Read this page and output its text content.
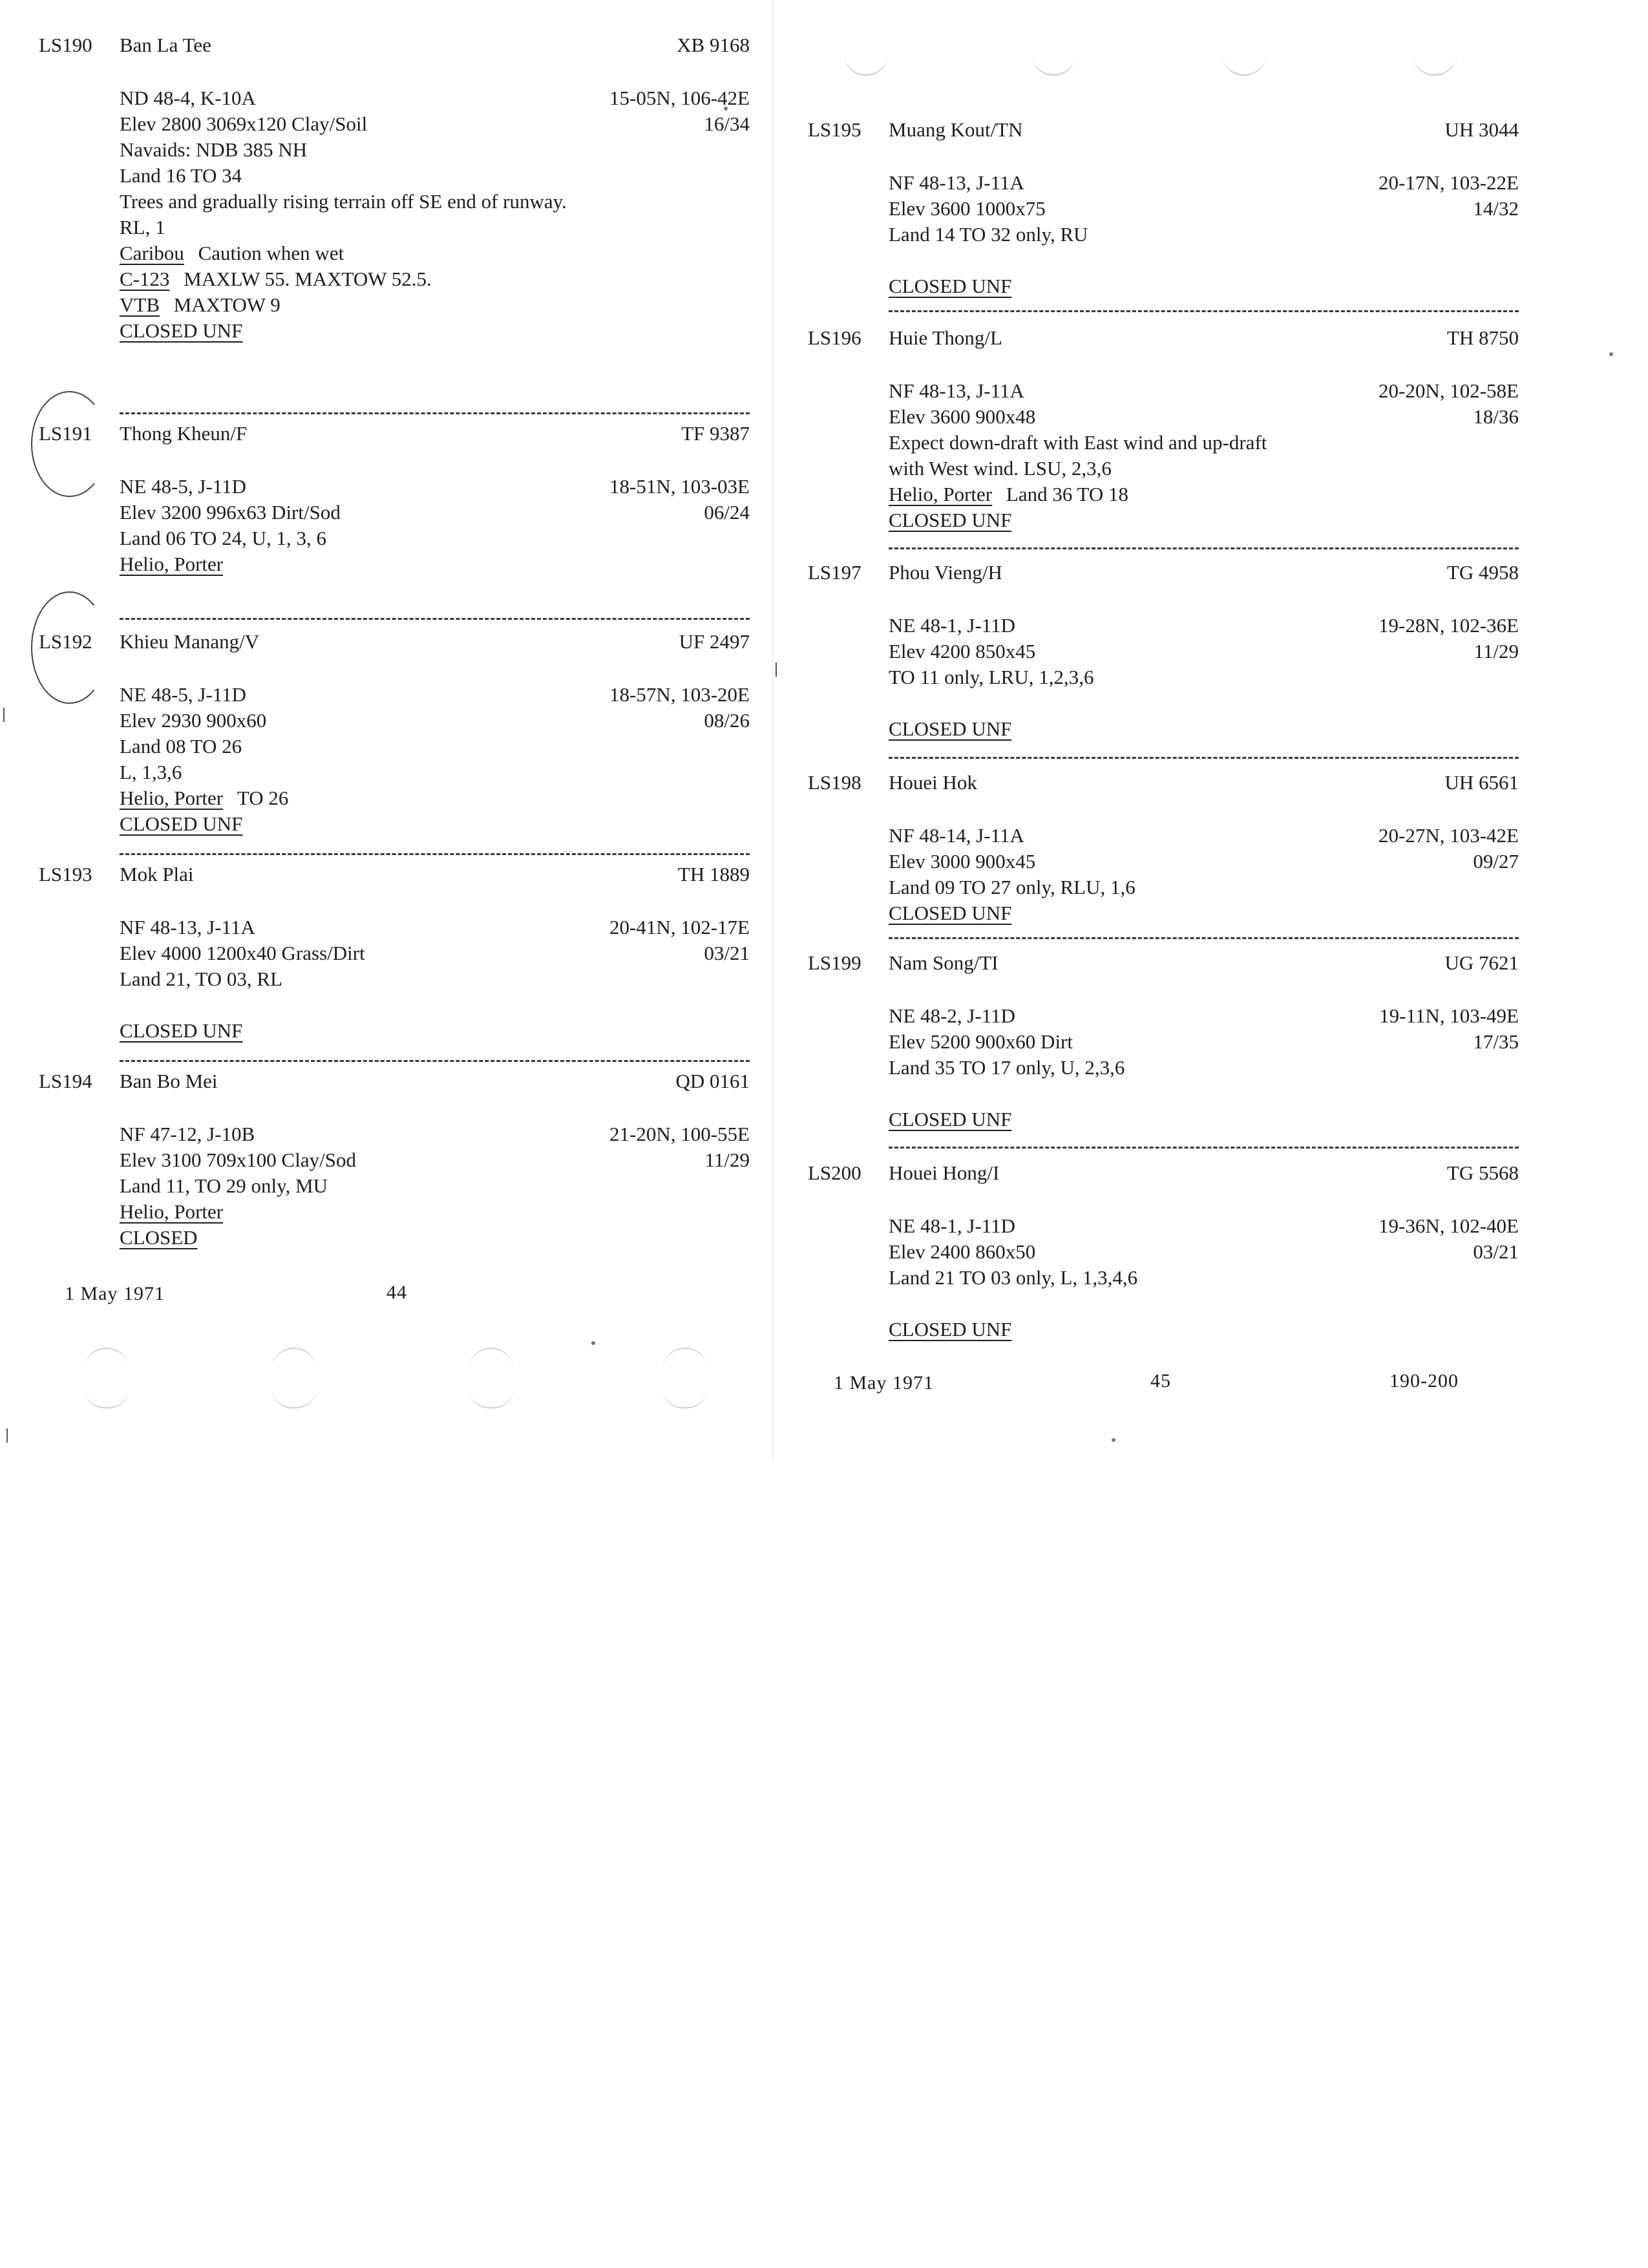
LS190 Ban La Tee	XB 9168
ND 48-4, K-10A	15-05N, 106-42E
Elev 2800 3069x120 Clay/Soil	16/34
Navaids: NDB 385 NH
Land 16 TO 34
Trees and gradually rising terrain off SE end of runway.
RL, 1
Caribou Caution when wet
C-123 MAXLW 55. MAXTOW 52.5.
VTB MAXTOW 9
CLOSED UNF
LS191 Thong Kheun/F	TF 9387
NE 48-5, J-11D	18-51N, 103-03E
Elev 3200 996x63 Dirt/Sod	06/24
Land 06 TO 24, U, 1, 3, 6
Helio, Porter
LS192 Khieu Manang/V	UF 2497
NE 48-5, J-11D	18-57N, 103-20E
Elev 2930 900x60	08/26
Land 08 TO 26
L, 1,3,6
Helio, Porter TO 26
CLOSED UNF
LS193 Mok Plai	TH 1889
NF 48-13, J-11A	20-41N, 102-17E
Elev 4000 1200x40 Grass/Dirt	03/21
Land 21, TO 03, RL
CLOSED UNF
LS194 Ban Bo Mei	QD 0161
NF 47-12, J-10B	21-20N, 100-55E
Elev 3100 709x100 Clay/Sod	11/29
Land 11, TO 29 only, MU
Helio, Porter
CLOSED
1 May 1971	44
LS195 Muang Kout/TN	UH 3044
NF 48-13, J-11A	20-17N, 103-22E
Elev 3600 1000x75	14/32
Land 14 TO 32 only, RU
CLOSED UNF
LS196 Huie Thong/L	TH 8750
NF 48-13, J-11A	20-20N, 102-58E
Elev 3600 900x48	18/36
Expect down-draft with East wind and up-draft
with West wind. LSU, 2,3,6
Helio, Porter Land 36 TO 18
CLOSED UNF
LS197 Phou Vieng/H	TG 4958
NE 48-1, J-11D	19-28N, 102-36E
Elev 4200 850x45	11/29
TO 11 only, LRU, 1,2,3,6
CLOSED UNF
LS198 Houei Hok	UH 6561
NF 48-14, J-11A	20-27N, 103-42E
Elev 3000 900x45	09/27
Land 09 TO 27 only, RLU, 1,6
CLOSED UNF
LS199 Nam Song/TI	UG 7621
NE 48-2, J-11D	19-11N, 103-49E
Elev 5200 900x60 Dirt	17/35
Land 35 TO 17 only, U, 2,3,6
CLOSED UNF
LS200 Houei Hong/I	TG 5568
NE 48-1, J-11D	19-36N, 102-40E
Elev 2400 860x50	03/21
Land 21 TO 03 only, L, 1,3,4,6
CLOSED UNF
1 May 1971	45	190-200
